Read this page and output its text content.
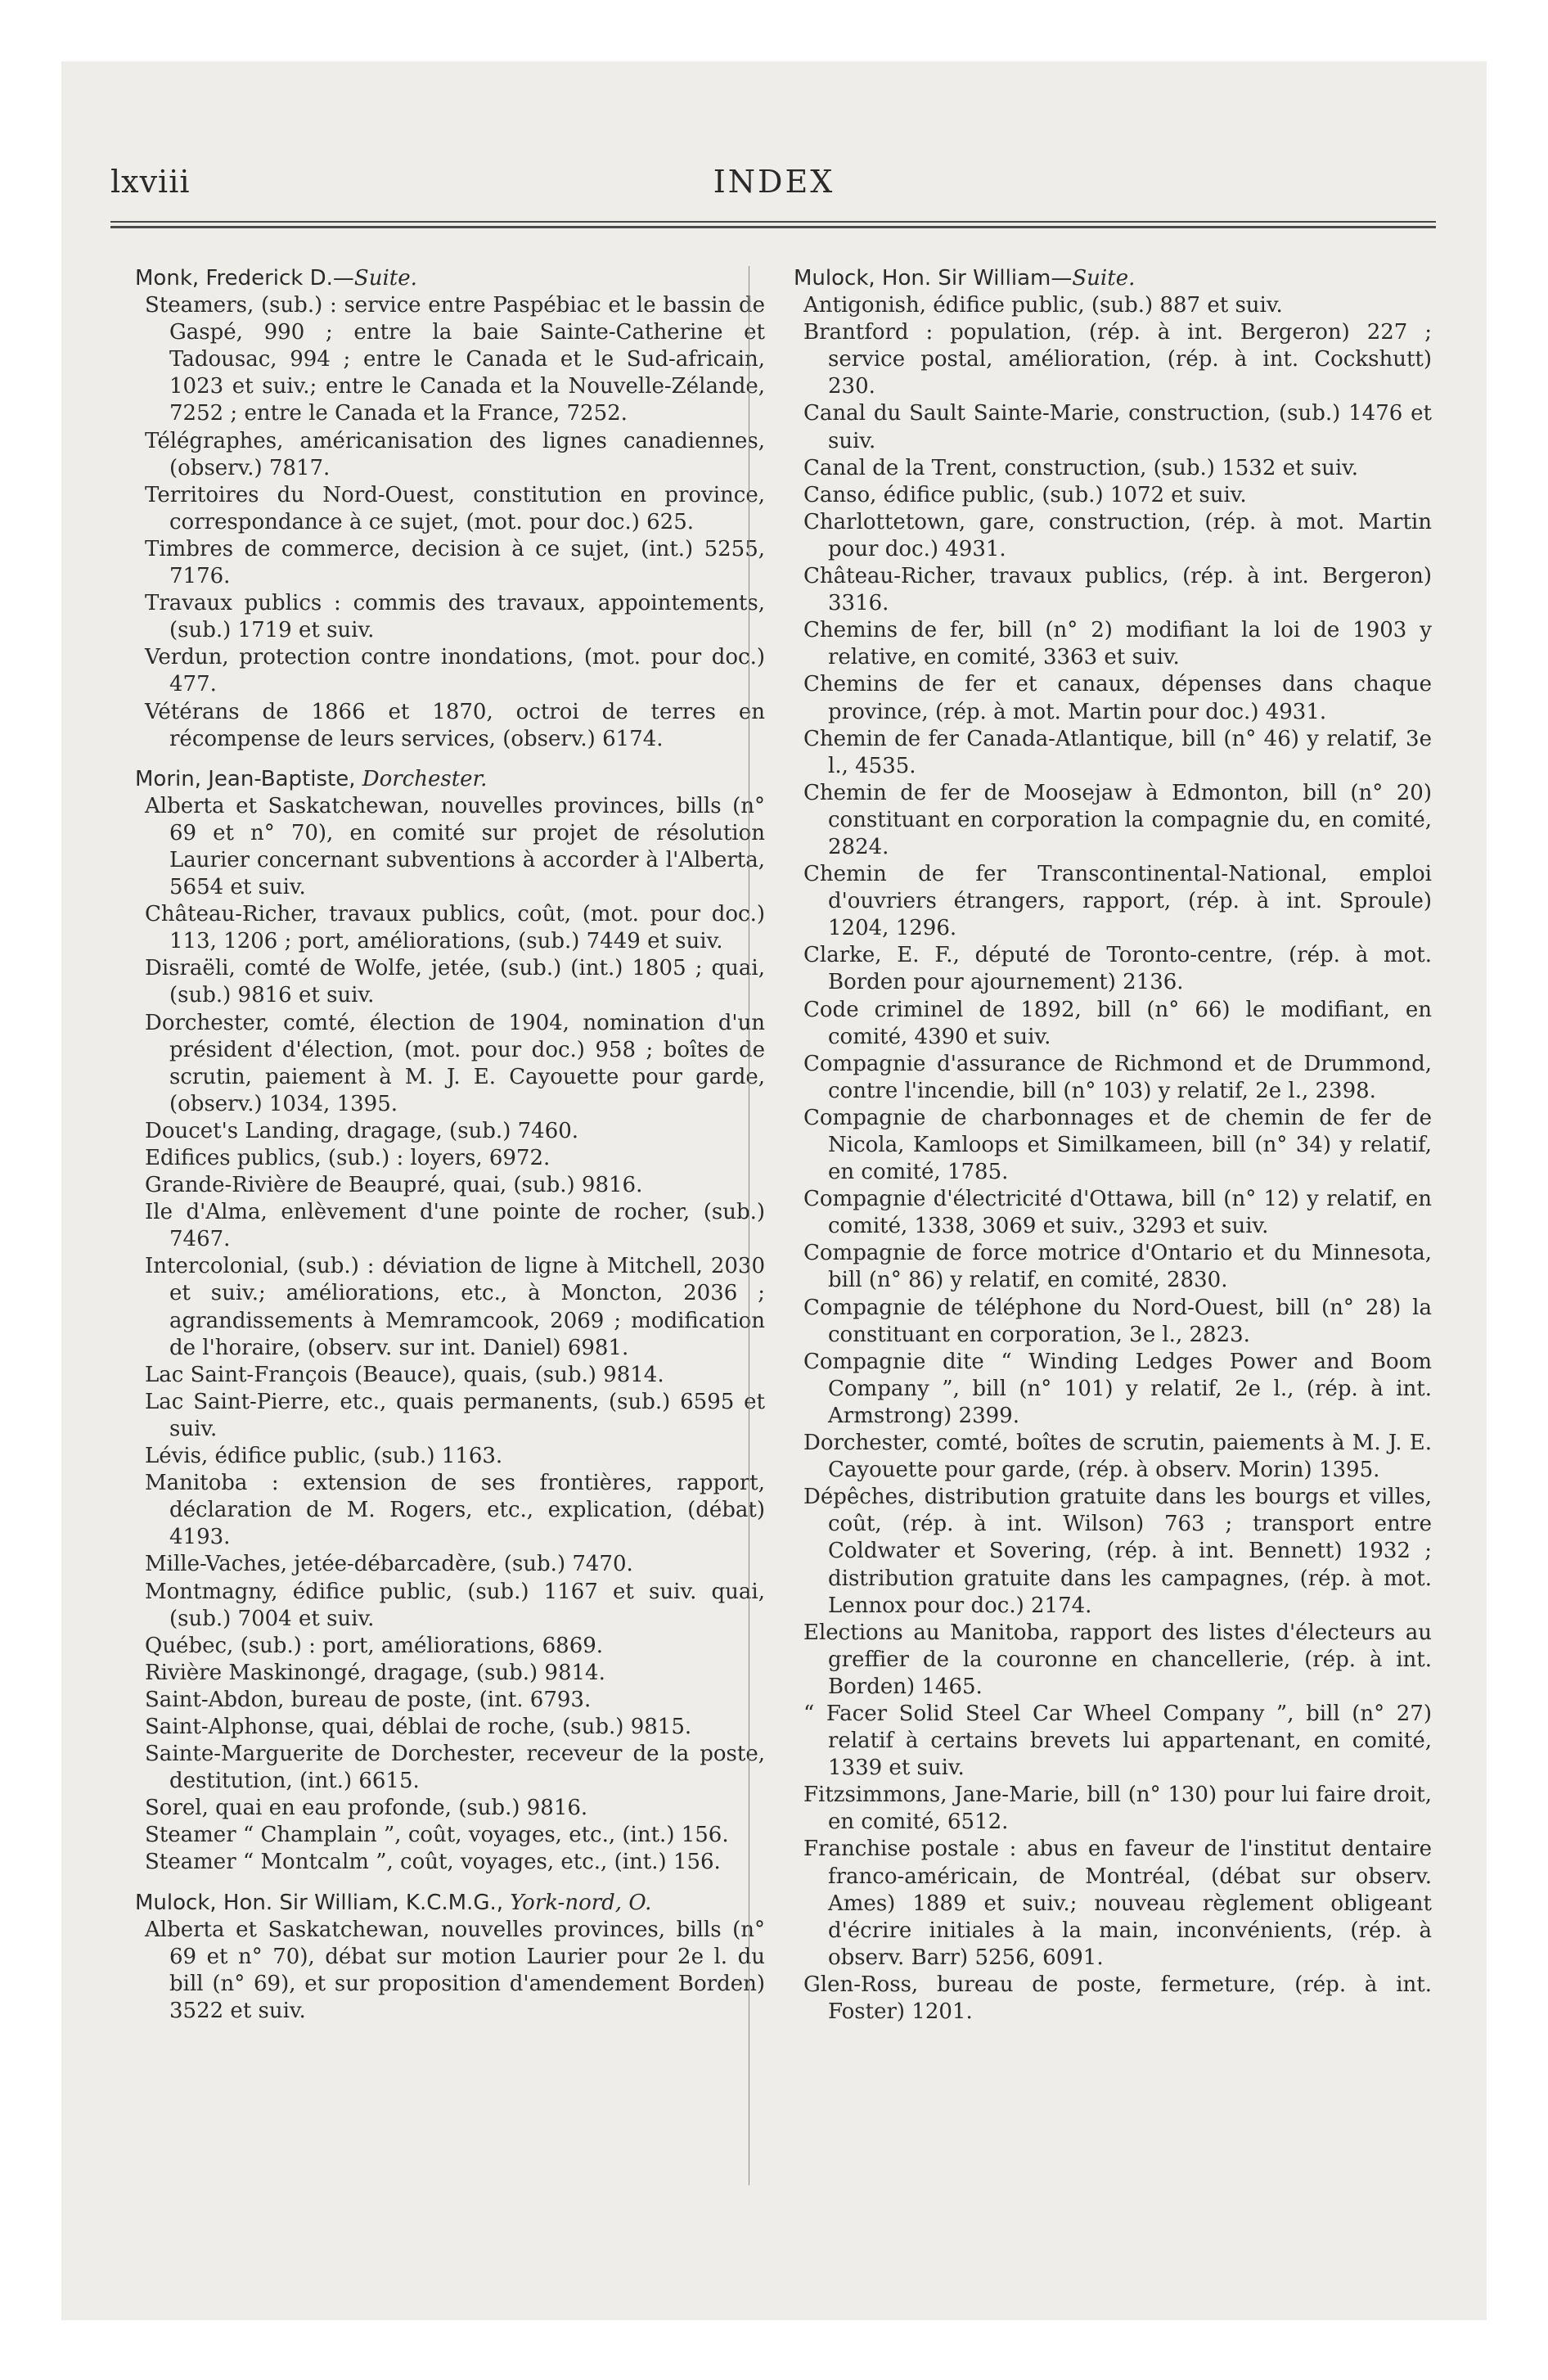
lxviii	INDEX
Monk, Frederick D.—Suite.
Steamers, (sub.) : service entre Paspébiac et le bassin de Gaspé, 990 ; entre la baie Sainte-Catherine et Tadousac, 994 ; entre le Canada et le Sud-africain, 1023 et suiv.; entre le Canada et la Nouvelle-Zélande, 7252 ; entre le Canada et la France, 7252.
Télégraphes, américanisation des lignes canadiennes, (observ.) 7817.
Territoires du Nord-Ouest, constitution en province, correspondance à ce sujet, (mot. pour doc.) 625.
Timbres de commerce, decision à ce sujet, (int.) 5255, 7176.
Travaux publics : commis des travaux, appointements, (sub.) 1719 et suiv.
Verdun, protection contre inondations, (mot. pour doc.) 477.
Vétérans de 1866 et 1870, octroi de terres en récompense de leurs services, (observ.) 6174.
Morin, Jean-Baptiste, Dorchester.
Alberta et Saskatchewan, nouvelles provinces, bills (n° 69 et n° 70), en comité sur projet de résolution Laurier concernant subventions à accorder à l'Alberta, 5654 et suiv.
Château-Richer, travaux publics, coût, (mot. pour doc.) 113, 1206 ; port, améliorations, (sub.) 7449 et suiv.
Disraëli, comté de Wolfe, jetée, (sub.) (int.) 1805 ; quai, (sub.) 9816 et suiv.
Dorchester, comté, élection de 1904, nomination d'un président d'élection, (mot. pour doc.) 958 ; boîtes de scrutin, paiement à M. J. E. Cayouette pour garde, (observ.) 1034, 1395.
Doucet's Landing, dragage, (sub.) 7460.
Edifices publics, (sub.) : loyers, 6972.
Grande-Rivière de Beaupré, quai, (sub.) 9816.
Ile d'Alma, enlèvement d'une pointe de rocher, (sub.) 7467.
Intercolonial, (sub.) : déviation de ligne à Mitchell, 2030 et suiv.; améliorations, etc., à Moncton, 2036 ; agrandissements à Memramcook, 2069 ; modification de l'horaire, (observ. sur int. Daniel) 6981.
Lac Saint-François (Beauce), quais, (sub.) 9814.
Lac Saint-Pierre, etc., quais permanents, (sub.) 6595 et suiv.
Lévis, édifice public, (sub.) 1163.
Manitoba : extension de ses frontières, rapport, déclaration de M. Rogers, etc., explication, (débat) 4193.
Mille-Vaches, jetée-débarcadère, (sub.) 7470.
Montmagny, édifice public, (sub.) 1167 et suiv. quai, (sub.) 7004 et suiv.
Québec, (sub.) : port, améliorations, 6869.
Rivière Maskinongé, dragage, (sub.) 9814.
Saint-Abdon, bureau de poste, (int. 6793.
Saint-Alphonse, quai, déblai de roche, (sub.) 9815.
Sainte-Marguerite de Dorchester, receveur de la poste, destitution, (int.) 6615.
Sorel, quai en eau profonde, (sub.) 9816.
Steamer “ Champlain ”, coût, voyages, etc., (int.) 156.
Steamer “ Montcalm ”, coût, voyages, etc., (int.) 156.
Mulock, Hon. Sir William, K.C.M.G., York-nord, O.
Alberta et Saskatchewan, nouvelles provinces, bills (n° 69 et n° 70), débat sur motion Laurier pour 2e l. du bill (n° 69), et sur proposition d'amendement Borden) 3522 et suiv.
Mulock, Hon. Sir William—Suite.
Antigonish, édifice public, (sub.) 887 et suiv.
Brantford : population, (rép. à int. Bergeron) 227 ; service postal, amélioration, (rép. à int. Cockshutt) 230.
Canal du Sault Sainte-Marie, construction, (sub.) 1476 et suiv.
Canal de la Trent, construction, (sub.) 1532 et suiv.
Canso, édifice public, (sub.) 1072 et suiv.
Charlottetown, gare, construction, (rép. à mot. Martin pour doc.) 4931.
Château-Richer, travaux publics, (rép. à int. Bergeron) 3316.
Chemins de fer, bill (n° 2) modifiant la loi de 1903 y relative, en comité, 3363 et suiv.
Chemins de fer et canaux, dépenses dans chaque province, (rép. à mot. Martin pour doc.) 4931.
Chemin de fer Canada-Atlantique, bill (n° 46) y relatif, 3e l., 4535.
Chemin de fer de Moosejaw à Edmonton, bill (n° 20) constituant en corporation la compagnie du, en comité, 2824.
Chemin de fer Transcontinental-National, emploi d'ouvriers étrangers, rapport, (rép. à int. Sproule) 1204, 1296.
Clarke, E. F., député de Toronto-centre, (rép. à mot. Borden pour ajournement) 2136.
Code criminel de 1892, bill (n° 66) le modifiant, en comité, 4390 et suiv.
Compagnie d'assurance de Richmond et de Drummond, contre l'incendie, bill (n° 103) y relatif, 2e l., 2398.
Compagnie de charbonnages et de chemin de fer de Nicola, Kamloops et Similkameen, bill (n° 34) y relatif, en comité, 1785.
Compagnie d'électricité d'Ottawa, bill (n° 12) y relatif, en comité, 1338, 3069 et suiv., 3293 et suiv.
Compagnie de force motrice d'Ontario et du Minnesota, bill (n° 86) y relatif, en comité, 2830.
Compagnie de téléphone du Nord-Ouest, bill (n° 28) la constituant en corporation, 3e l., 2823.
Compagnie dite “ Winding Ledges Power and Boom Company ”, bill (n° 101) y relatif, 2e l., (rép. à int. Armstrong) 2399.
Dorchester, comté, boîtes de scrutin, paiements à M. J. E. Cayouette pour garde, (rép. à observ. Morin) 1395.
Dépêches, distribution gratuite dans les bourgs et villes, coût, (rép. à int. Wilson) 763 ; transport entre Coldwater et Sovering, (rép. à int. Bennett) 1932 ; distribution gratuite dans les campagnes, (rép. à mot. Lennox pour doc.) 2174.
Elections au Manitoba, rapport des listes d'électeurs au greffier de la couronne en chancellerie, (rép. à int. Borden) 1465.
“ Facer Solid Steel Car Wheel Company ”, bill (n° 27) relatif à certains brevets lui appartenant, en comité, 1339 et suiv.
Fitzsimmons, Jane-Marie, bill (n° 130) pour lui faire droit, en comité, 6512.
Franchise postale : abus en faveur de l'institut dentaire franco-américain, de Montréal, (débat sur observ. Ames) 1889 et suiv.; nouveau règlement obligeant d'écrire initiales à la main, inconvénients, (rép. à observ. Barr) 5256, 6091.
Glen-Ross, bureau de poste, fermeture, (rép. à int. Foster) 1201.
